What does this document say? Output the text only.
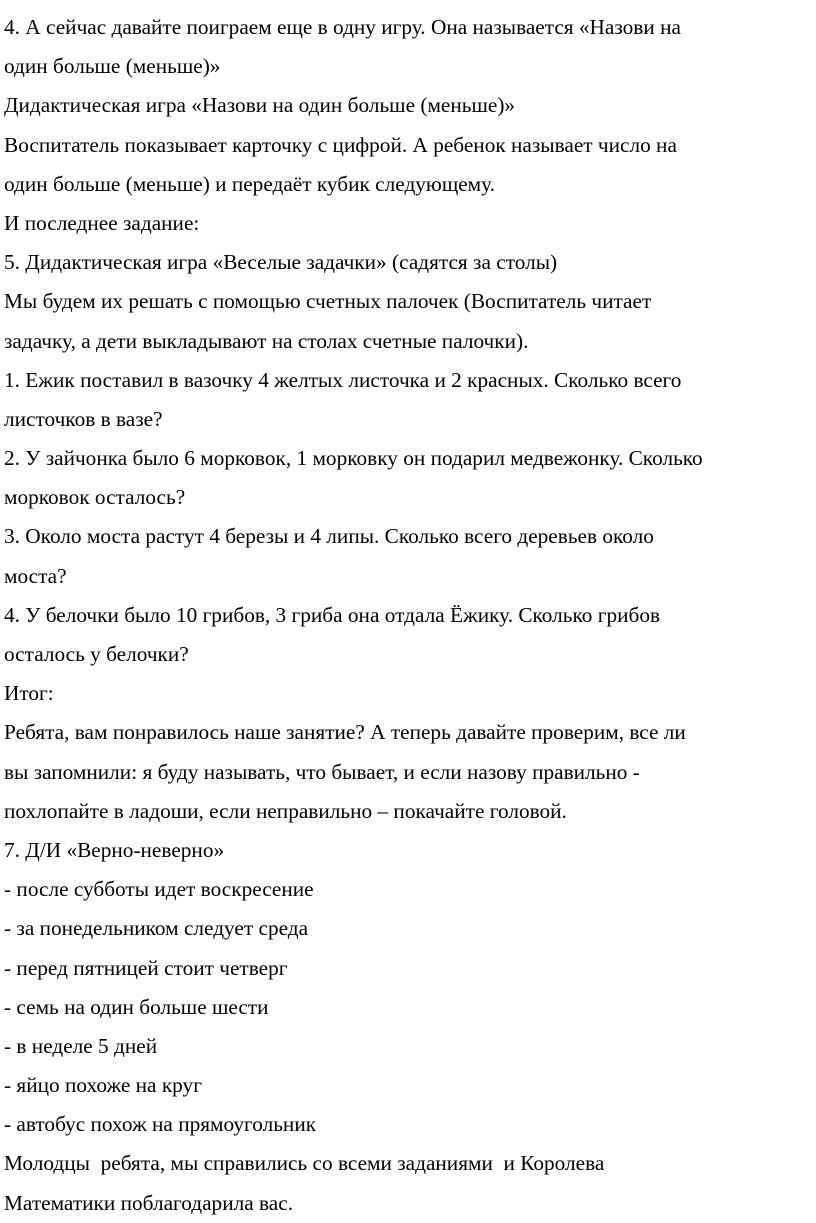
4. А сейчас давайте поиграем еще в одну игру. Она называется «Назови на
один больше (меньше)»
Дидактическая игра «Назови на один больше (меньше)»
Воспитатель показывает карточку с цифрой. А ребенок называет число на
один больше (меньше) и передаёт кубик следующему.
И последнее задание:
5. Дидактическая игра «Веселые задачки» (садятся за столы)
Мы будем их решать с помощью счетных палочек (Воспитатель читает
задачку, а дети выкладывают на столах счетные палочки).
1. Ежик поставил в вазочку 4 желтых листочка и 2 красных. Сколько всего
листочков в вазе?
2. У зайчонка было 6 морковок, 1 морковку он подарил медвежонку. Сколько
морковок осталось?
3. Около моста растут 4 березы и 4 липы. Сколько всего деревьев около
моста?
4. У белочки было 10 грибов, 3 гриба она отдала Ёжику. Сколько грибов
осталось у белочки?
Итог:
Ребята, вам понравилось наше занятие? А теперь давайте проверим, все ли
вы запомнили: я буду называть, что бывает, и если назову правильно -
похлопайте в ладоши, если неправильно – покачайте головой.
7. Д/И «Верно-неверно»
- после субботы идет воскресение
- за понедельником следует среда
- перед пятницей стоит четверг
- семь на один больше шести
- в неделе 5 дней
- яйцо похоже на круг
- автобус похож на прямоугольник
Молодцы  ребята, мы справились со всеми заданиями  и Королева
Математики поблагодарила вас.
